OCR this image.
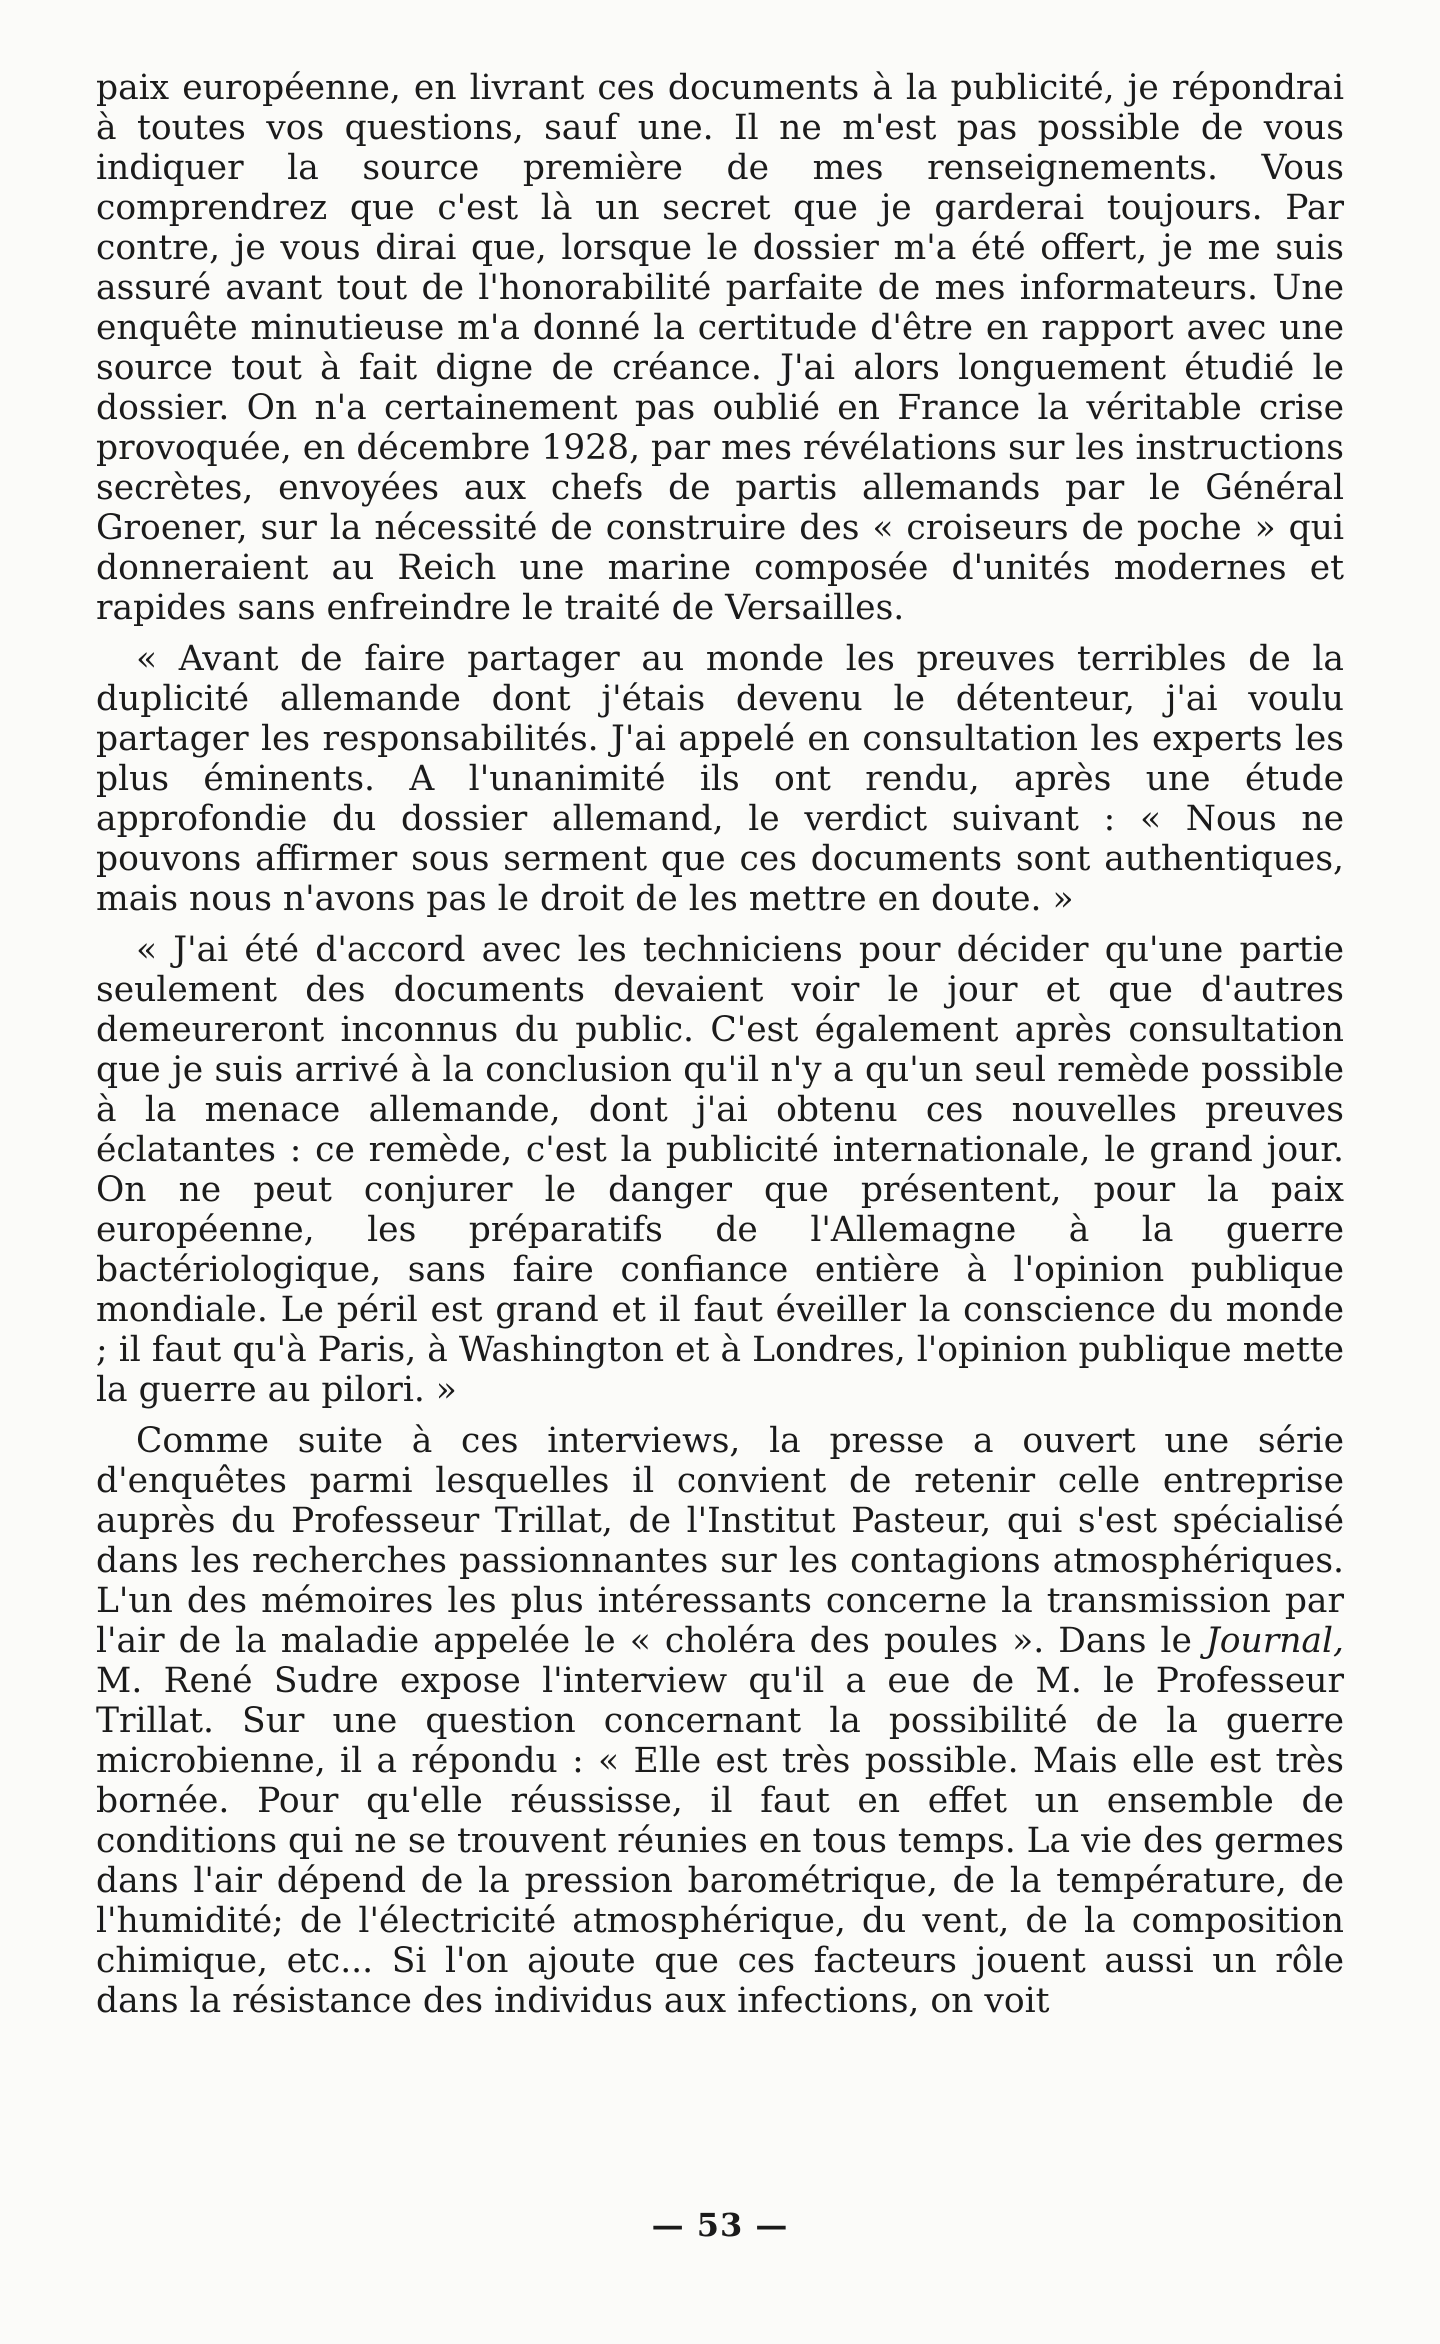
paix européenne, en livrant ces documents à la publicité, je répondrai à toutes vos questions, sauf une. Il ne m'est pas possible de vous indiquer la source première de mes renseignements. Vous comprendrez que c'est là un secret que je garderai toujours. Par contre, je vous dirai que, lorsque le dossier m'a été offert, je me suis assuré avant tout de l'honorabilité parfaite de mes informateurs. Une enquête minutieuse m'a donné la certitude d'être en rapport avec une source tout à fait digne de créance. J'ai alors longuement étudié le dossier. On n'a certainement pas oublié en France la véritable crise provoquée, en décembre 1928, par mes révélations sur les instructions secrètes, envoyées aux chefs de partis allemands par le Général Groener, sur la nécessité de construire des « croiseurs de poche » qui donneraient au Reich une marine composée d'unités modernes et rapides sans enfreindre le traité de Versailles.

« Avant de faire partager au monde les preuves terribles de la duplicité allemande dont j'étais devenu le détenteur, j'ai voulu partager les responsabilités. J'ai appelé en consultation les experts les plus éminents. A l'unanimité ils ont rendu, après une étude approfondie du dossier allemand, le verdict suivant : « Nous ne pouvons affirmer sous serment que ces documents sont authentiques, mais nous n'avons pas le droit de les mettre en doute. »

« J'ai été d'accord avec les techniciens pour décider qu'une partie seulement des documents devaient voir le jour et que d'autres demeureront inconnus du public. C'est également après consultation que je suis arrivé à la conclusion qu'il n'y a qu'un seul remède possible à la menace allemande, dont j'ai obtenu ces nouvelles preuves éclatantes : ce remède, c'est la publicité internationale, le grand jour. On ne peut conjurer le danger que présentent, pour la paix européenne, les préparatifs de l'Allemagne à la guerre bactériologique, sans faire confiance entière à l'opinion publique mondiale. Le péril est grand et il faut éveiller la conscience du monde ; il faut qu'à Paris, à Washington et à Londres, l'opinion publique mette la guerre au pilori. »

Comme suite à ces interviews, la presse a ouvert une série d'enquêtes parmi lesquelles il convient de retenir celle entreprise auprès du Professeur Trillat, de l'Institut Pasteur, qui s'est spécialisé dans les recherches passionnantes sur les contagions atmosphériques. L'un des mémoires les plus intéressants concerne la transmission par l'air de la maladie appelée le « choléra des poules ». Dans le Journal, M. René Sudre expose l'interview qu'il a eue de M. le Professeur Trillat. Sur une question concernant la possibilité de la guerre microbienne, il a répondu : « Elle est très possible. Mais elle est très bornée. Pour qu'elle réussisse, il faut en effet un ensemble de conditions qui ne se trouvent réunies en tous temps. La vie des germes dans l'air dépend de la pression barométrique, de la température, de l'humidité; de l'électricité atmosphérique, du vent, de la composition chimique, etc... Si l'on ajoute que ces facteurs jouent aussi un rôle dans la résistance des individus aux infections, on voit

— 53 —
